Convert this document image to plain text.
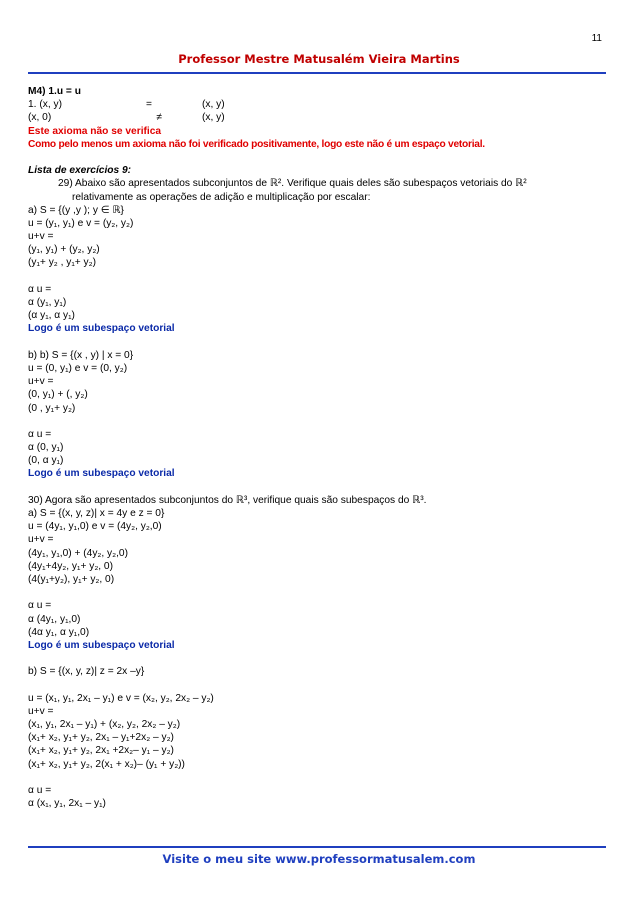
11
Professor Mestre Matusalém Vieira Martins
M4) 1.u = u
1. (x, y)	=	(x, y)
(x, 0)	≠	(x, y)
Este axioma não se verifica
Como pelo menos um axioma não foi verificado positivamente, logo este não é um espaço vetorial.
Lista de exercícios 9:
29) Abaixo são apresentados subconjuntos de ℝ². Verifique quais deles são subespaços vetoriais do ℝ²
relativamente as operações de adição e multiplicação por escalar:
a) S = {(y ,y ); y ∈ ℝ}
u = (y₁, y₁) e v = (y₂, y₂)
u+v =
(y₁, y₁) + (y₂, y₂)
(y₁+ y₂ , y₁+ y₂)
α u =
α (y₁, y₁)
(α y₁, α y₁)
Logo é um subespaço vetorial
b) b) S = {(x , y) | x = 0}
u = (0, y₁) e v = (0, y₂)
u+v =
(0, y₁) + (, y₂)
(0 , y₁+ y₂)
α u =
α (0, y₁)
(0, α y₁)
Logo é um subespaço vetorial
30) Agora são apresentados subconjuntos do ℝ³, verifique quais são subespaços do ℝ³.
a) S = {(x, y, z)| x = 4y e z = 0}
u = (4y₁, y₁,0) e v = (4y₂, y₂,0)
u+v =
(4y₁, y₁,0) + (4y₂, y₂,0)
(4y₁+4y₂, y₁+ y₂, 0)
(4(y₁+y₂), y₁+ y₂, 0)
α u =
α (4y₁, y₁,0)
(4α y₁, α y₁,0)
Logo é um subespaço vetorial
b) S = {(x, y, z)| z = 2x –y}
u = (x₁, y₁, 2x₁ – y₁) e v = (x₂, y₂, 2x₂ – y₂)
u+v =
(x₁, y₁, 2x₁ – y₁) + (x₂, y₂, 2x₂ – y₂)
(x₁+ x₂, y₁+ y₂, 2x₁ – y₁+2x₂ – y₂)
(x₁+ x₂, y₁+ y₂, 2x₁ +2x₂– y₁ – y₂)
(x₁+ x₂, y₁+ y₂, 2(x₁ + x₂)– (y₁ + y₂))
α u =
α (x₁, y₁, 2x₁ – y₁)
Visite o meu site www.professormatusalem.com
